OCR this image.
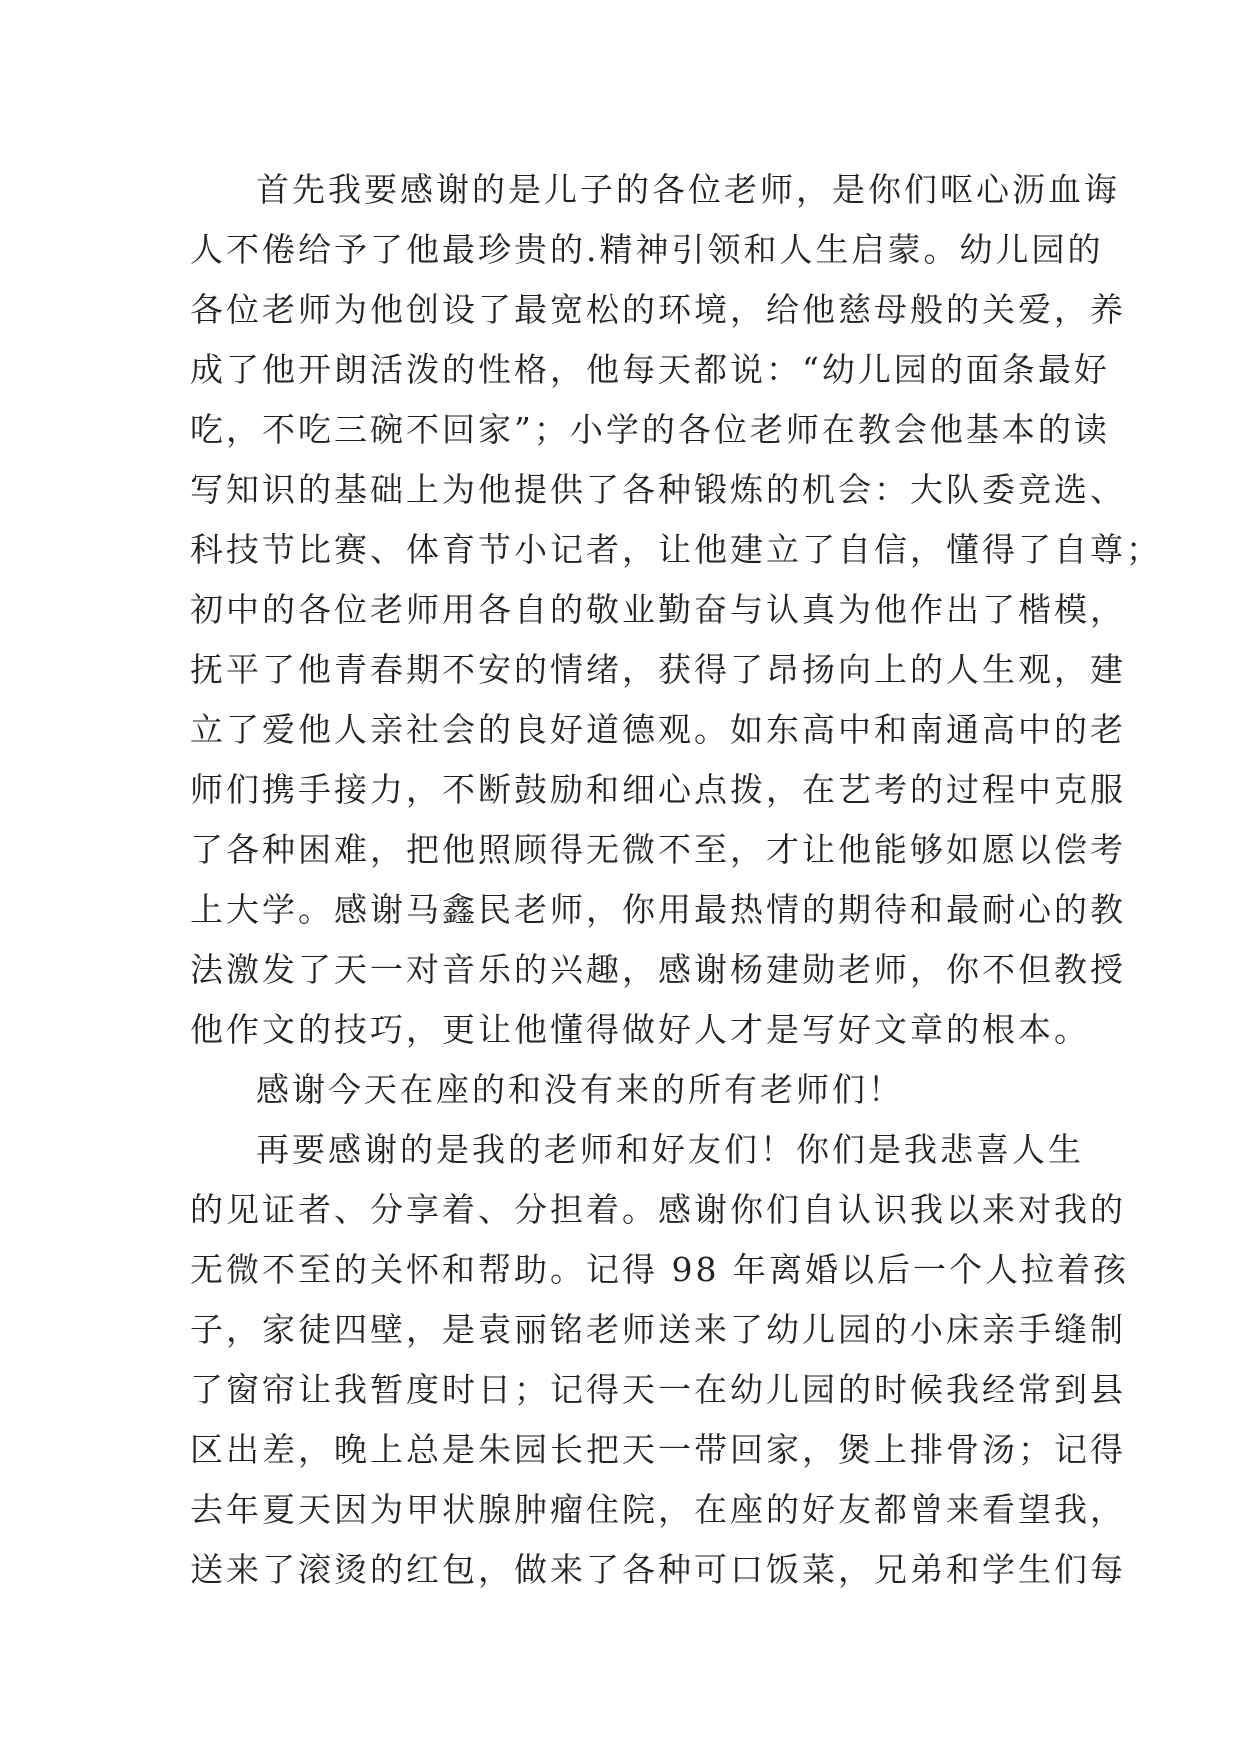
首先我要感谢的是儿子的各位老师，是你们呕心沥血诲
人不倦给予了他最珍贵的.精神引领和人生启蒙。幼儿园的
各位老师为他创设了最宽松的环境，给他慈母般的关爱，养
成了他开朗活泼的性格，他每天都说：“幼儿园的面条最好
吃，不吃三碗不回家”；小学的各位老师在教会他基本的读
写知识的基础上为他提供了各种锻炼的机会：大队委竞选、
科技节比赛、体育节小记者，让他建立了自信，懂得了自尊；
初中的各位老师用各自的敬业勤奋与认真为他作出了楷模，
抚平了他青春期不安的情绪，获得了昂扬向上的人生观，建
立了爱他人亲社会的良好道德观。如东高中和南通高中的老
师们携手接力，不断鼓励和细心点拨，在艺考的过程中克服
了各种困难，把他照顾得无微不至，才让他能够如愿以偿考
上大学。感谢马鑫民老师，你用最热情的期待和最耐心的教
法激发了天一对音乐的兴趣，感谢杨建勋老师，你不但教授
他作文的技巧，更让他懂得做好人才是写好文章的根本。
感谢今天在座的和没有来的所有老师们！
再要感谢的是我的老师和好友们！你们是我悲喜人生
的见证者、分享着、分担着。感谢你们自认识我以来对我的
无微不至的关怀和帮助。记得 98 年离婚以后一个人拉着孩
子，家徒四壁，是袁丽铭老师送来了幼儿园的小床亲手缝制
了窗帘让我暂度时日；记得天一在幼儿园的时候我经常到县
区出差，晚上总是朱园长把天一带回家，煲上排骨汤；记得
去年夏天因为甲状腺肿瘤住院，在座的好友都曾来看望我，
送来了滚烫的红包，做来了各种可口饭菜，兄弟和学生们每
